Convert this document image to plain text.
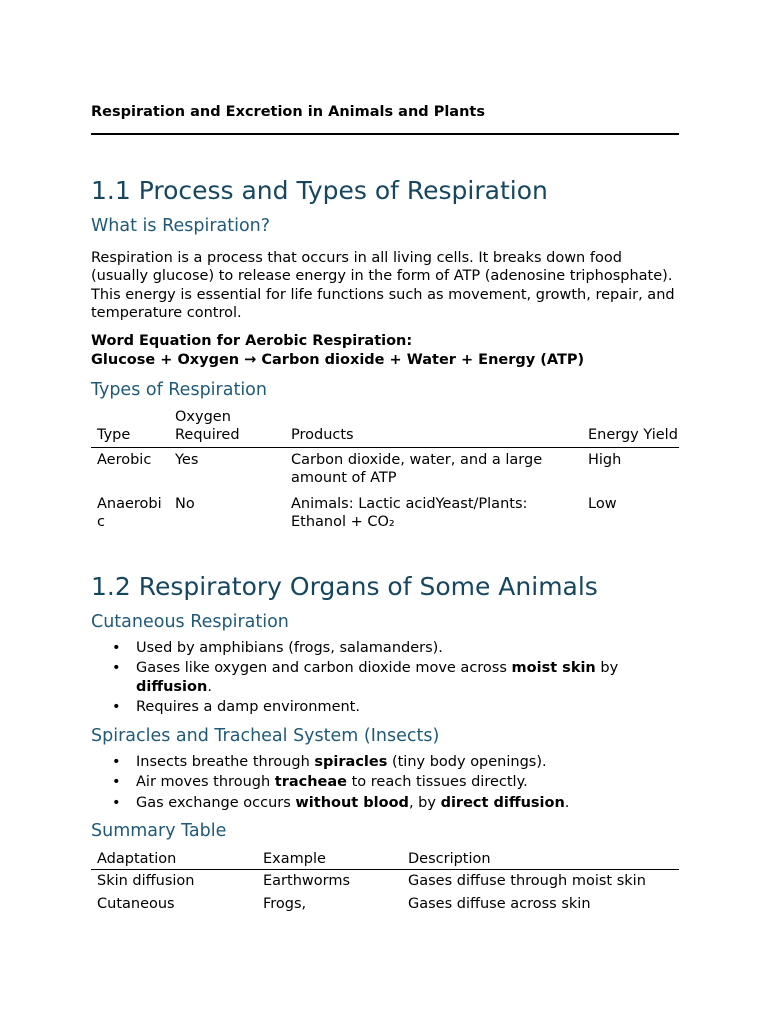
Respiration and Excretion in Animals and Plants
1.1 Process and Types of Respiration
What is Respiration?
Respiration is a process that occurs in all living cells. It breaks down food (usually glucose) to release energy in the form of ATP (adenosine triphosphate). This energy is essential for life functions such as movement, growth, repair, and temperature control.
Word Equation for Aerobic Respiration:
Glucose + Oxygen → Carbon dioxide + Water + Energy (ATP)
Types of Respiration
Type	Oxygen Required	Products	Energy Yield
Aerobic	Yes	Carbon dioxide, water, and a large amount of ATP	High
Anaerobic	No	Animals: Lactic acidYeast/Plants: Ethanol + CO₂	Low
1.2 Respiratory Organs of Some Animals
Cutaneous Respiration
• Used by amphibians (frogs, salamanders).
• Gases like oxygen and carbon dioxide move across moist skin by diffusion.
• Requires a damp environment.
Spiracles and Tracheal System (Insects)
• Insects breathe through spiracles (tiny body openings).
• Air moves through tracheae to reach tissues directly.
• Gas exchange occurs without blood, by direct diffusion.
Summary Table
Adaptation	Example	Description
Skin diffusion	Earthworms	Gases diffuse through moist skin
Cutaneous	Frogs,	Gases diffuse across skin
